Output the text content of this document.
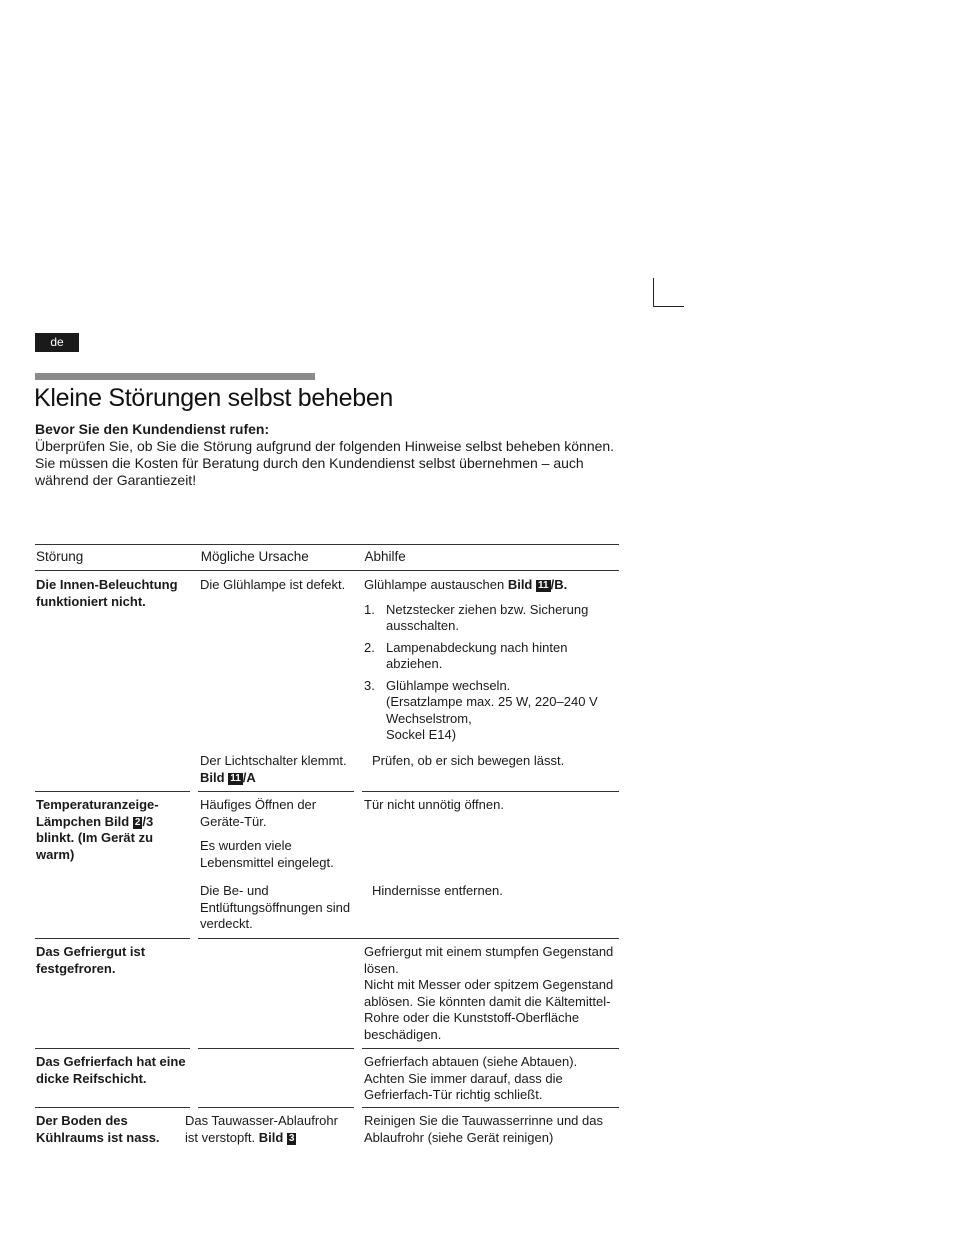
de
Kleine Störungen selbst beheben

Bevor Sie den Kundendienst rufen:

Überprüfen Sie, ob Sie die Störung aufgrund der folgenden Hinweise selbst beheben können.

Sie müssen die Kosten für Beratung durch den Kundendienst selbst übernehmen – auch während der Garantiezeit!

Störung	Mögliche Ursache	Abhilfe
Die Innen-Beleuchtung funktioniert nicht.
Die Glühlampe ist defekt.
Der Lichtschalter klemmt.
Bild 11 /A
Glühlampe austauschen Bild 11 /B.
1. Netzstecker ziehen bzw. Sicherung ausschalten.
2. Lampenabdeckung nach hinten abziehen.
3. Glühlampe wechseln.
(Ersatzlampe max. 25 W, 220–240 V
Wechselstrom,
Sockel E14)
Prüfen, ob er sich bewegen lässt.
Temperaturanzeige-
Lämpchen Bild 2 /3
blinkt. (Im Gerät zu warm)
Häufiges Öffnen der Geräte-Tür.
Es wurden viele Lebensmittel eingelegt.
Die Be- und Entlüftungsöffnungen sind verdeckt.
Tür nicht unnötig öffnen.
Hindernisse entfernen.
Das Gefriergut ist festgefroren.
Gefriergut mit einem stumpfen Gegenstand lösen.
Nicht mit Messer oder spitzem Gegenstand ablösen. Sie könnten damit die Kältemittel-Rohre oder die Kunststoff-Oberfläche beschädigen.
Das Gefrierfach hat eine dicke Reifschicht.
Gefrierfach abtauen (siehe Abtauen). Achten Sie immer darauf, dass die Gefrierfach-Tür richtig schließt.
Der Boden des Kühlraums ist nass.
Das Tauwasser-Ablaufrohr ist verstopft. Bild 3
Reinigen Sie die Tauwasserrinne und das Ablaufrohr (siehe Gerät reinigen)
